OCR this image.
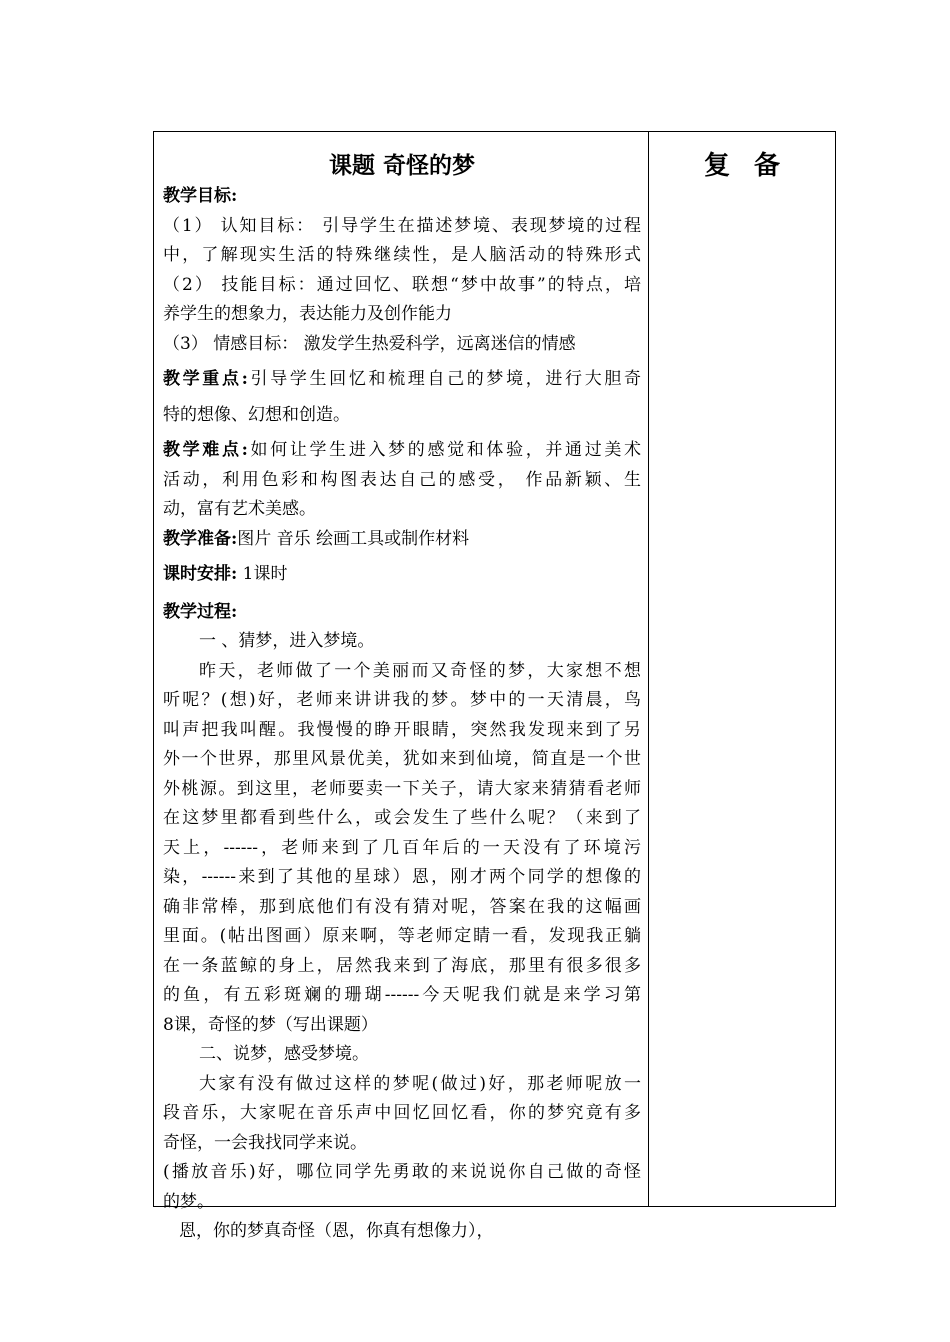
课题 奇怪的梦
教学目标:
（1） 认知目标： 引导学生在描述梦境、表现梦境的过程
中，了解现实生活的特殊继续性，是人脑活动的特殊形式
（2） 技能目标：通过回忆、联想“梦中故事”的特点，培
养学生的想象力，表达能力及创作能力
（3） 情感目标： 激发学生热爱科学，远离迷信的情感
教学重点:引导学生回忆和梳理自己的梦境，进行大胆奇
特的想像、幻想和创造。
教学难点:如何让学生进入梦的感觉和体验，并通过美术
活动，利用色彩和构图表达自己的感受， 作品新颖、生
动，富有艺术美感。
教学准备:图片 音乐 绘画工具或制作材料
课时安排: 1课时
教学过程:
一 、猜梦，进入梦境。
昨天，老师做了一个美丽而又奇怪的梦，大家想不想
听呢？(想)好，老师来讲讲我的梦。梦中的一天清晨，鸟
叫声把我叫醒。我慢慢的睁开眼睛，突然我发现来到了另
外一个世界，那里风景优美，犹如来到仙境，简直是一个世
外桃源。到这里，老师要卖一下关子，请大家来猜猜看老师
在这梦里都看到些什么，或会发生了些什么呢？（来到了
天上，------，老师来到了几百年后的一天没有了环境污
染，------来到了其他的星球）恩，刚才两个同学的想像的
确非常棒，那到底他们有没有猜对呢，答案在我的这幅画
里面。(帖出图画）原来啊，等老师定睛一看，发现我正躺
在一条蓝鲸的身上，居然我来到了海底，那里有很多很多
的鱼，有五彩斑斓的珊瑚------今天呢我们就是来学习第
8课，奇怪的梦（写出课题）
二、说梦，感受梦境。
大家有没有做过这样的梦呢(做过)好，那老师呢放一
段音乐，大家呢在音乐声中回忆回忆看，你的梦究竟有多
奇怪，一会我找同学来说。
(播放音乐)好，哪位同学先勇敢的来说说你自己做的奇怪
的梦。
恩，你的梦真奇怪（恩，你真有想像力），
复备
